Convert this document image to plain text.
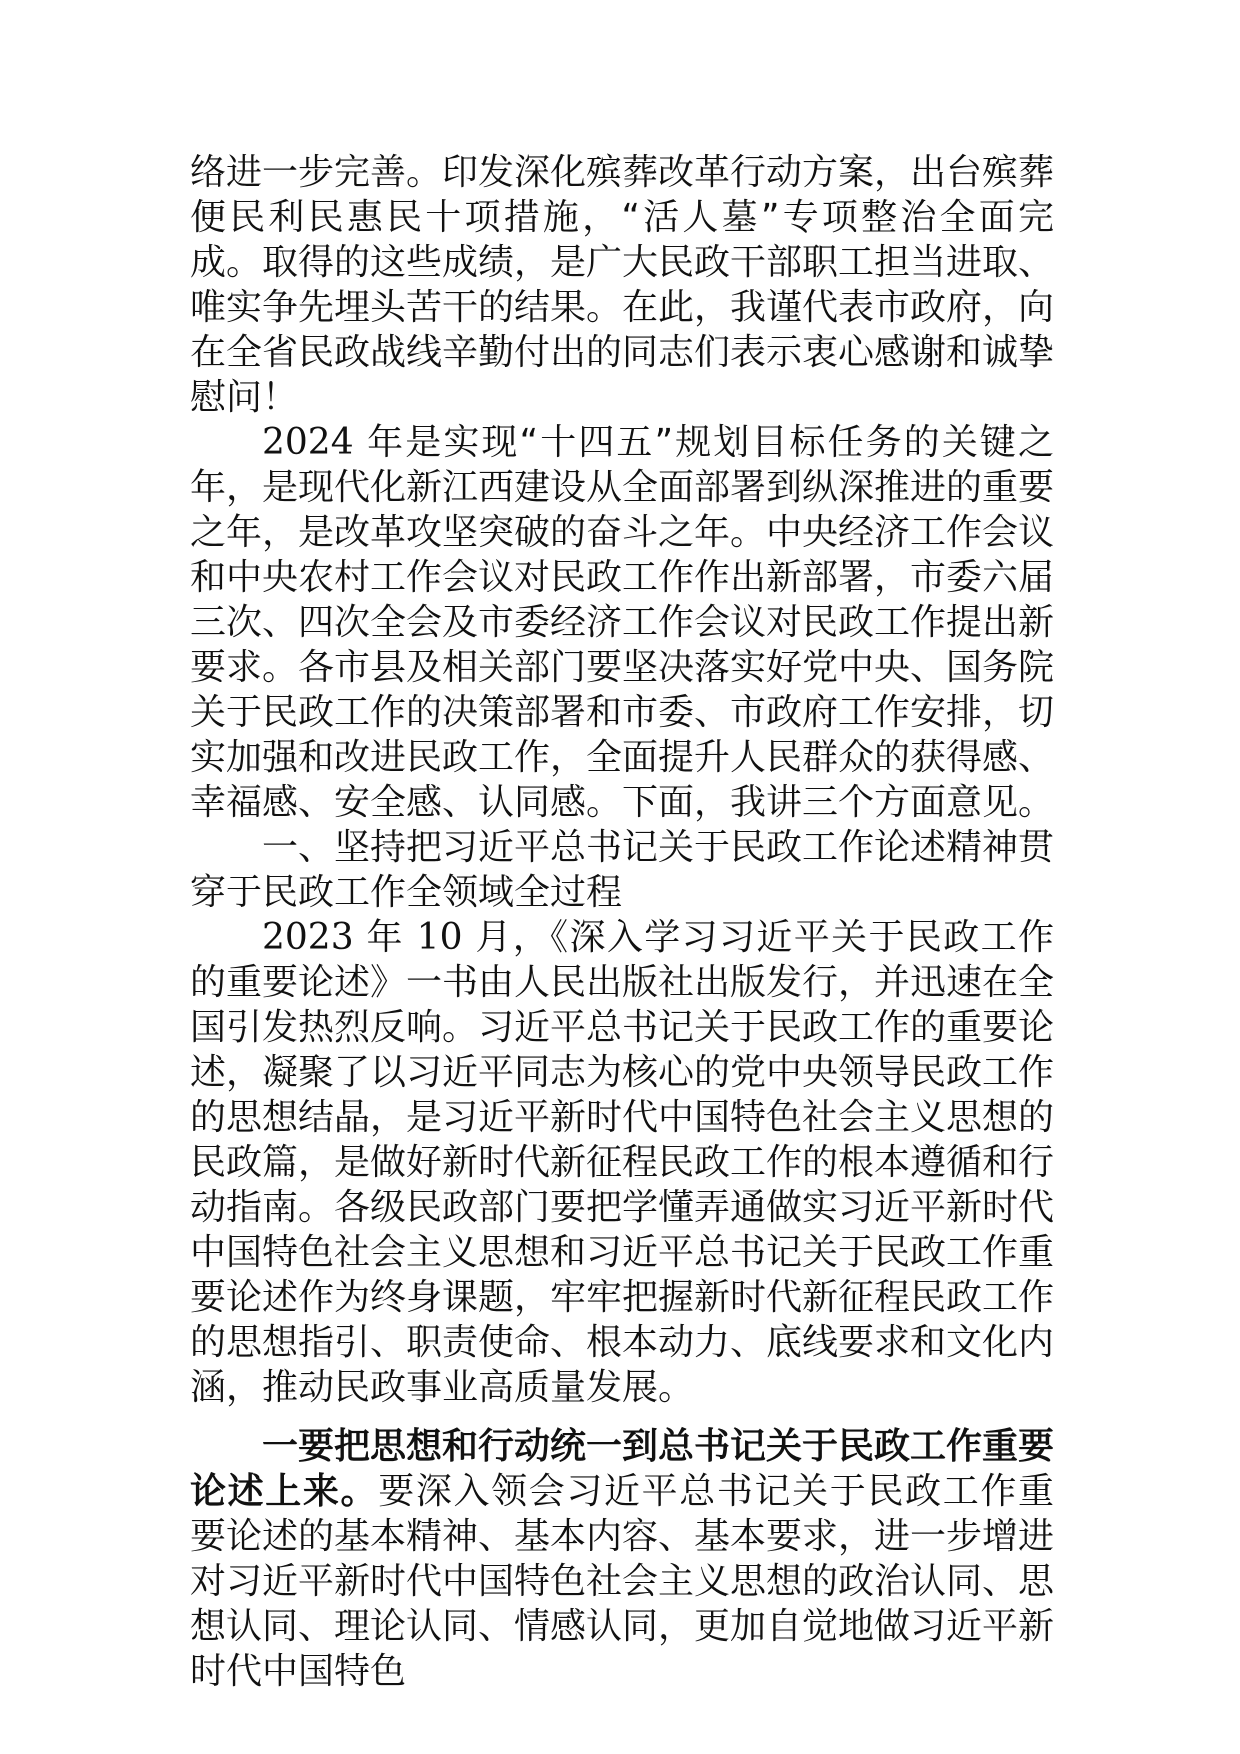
络进一步完善。印发深化殡葬改革行动方案，出台殡葬便民利民惠民十项措施，“活人墓”专项整治全面完成。取得的这些成绩，是广大民政干部职工担当进取、唯实争先埋头苦干的结果。在此，我谨代表市政府，向在全省民政战线辛勤付出的同志们表示衷心感谢和诚挚慰问！

2024 年是实现“十四五”规划目标任务的关键之年，是现代化新江西建设从全面部署到纵深推进的重要之年，是改革攻坚突破的奋斗之年。中央经济工作会议和中央农村工作会议对民政工作作出新部署，市委六届三次、四次全会及市委经济工作会议对民政工作提出新要求。各市县及相关部门要坚决落实好党中央、国务院关于民政工作的决策部署和市委、市政府工作安排，切实加强和改进民政工作，全面提升人民群众的获得感、幸福感、安全感、认同感。下面，我讲三个方面意见。

一、坚持把习近平总书记关于民政工作论述精神贯穿于民政工作全领域全过程

2023 年 10 月，《深入学习习近平关于民政工作的重要论述》一书由人民出版社出版发行，并迅速在全国引发热烈反响。习近平总书记关于民政工作的重要论述，凝聚了以习近平同志为核心的党中央领导民政工作的思想结晶，是习近平新时代中国特色社会主义思想的民政篇，是做好新时代新征程民政工作的根本遵循和行动指南。各级民政部门要把学懂弄通做实习近平新时代中国特色社会主义思想和习近平总书记关于民政工作重要论述作为终身课题，牢牢把握新时代新征程民政工作的思想指引、职责使命、根本动力、底线要求和文化内涵，推动民政事业高质量发展。

一要把思想和行动统一到总书记关于民政工作重要论述上来。要深入领会习近平总书记关于民政工作重要论述的基本精神、基本内容、基本要求，进一步增进对习近平新时代中国特色社会主义思想的政治认同、思想认同、理论认同、情感认同，更加自觉地做习近平新时代中国特色
